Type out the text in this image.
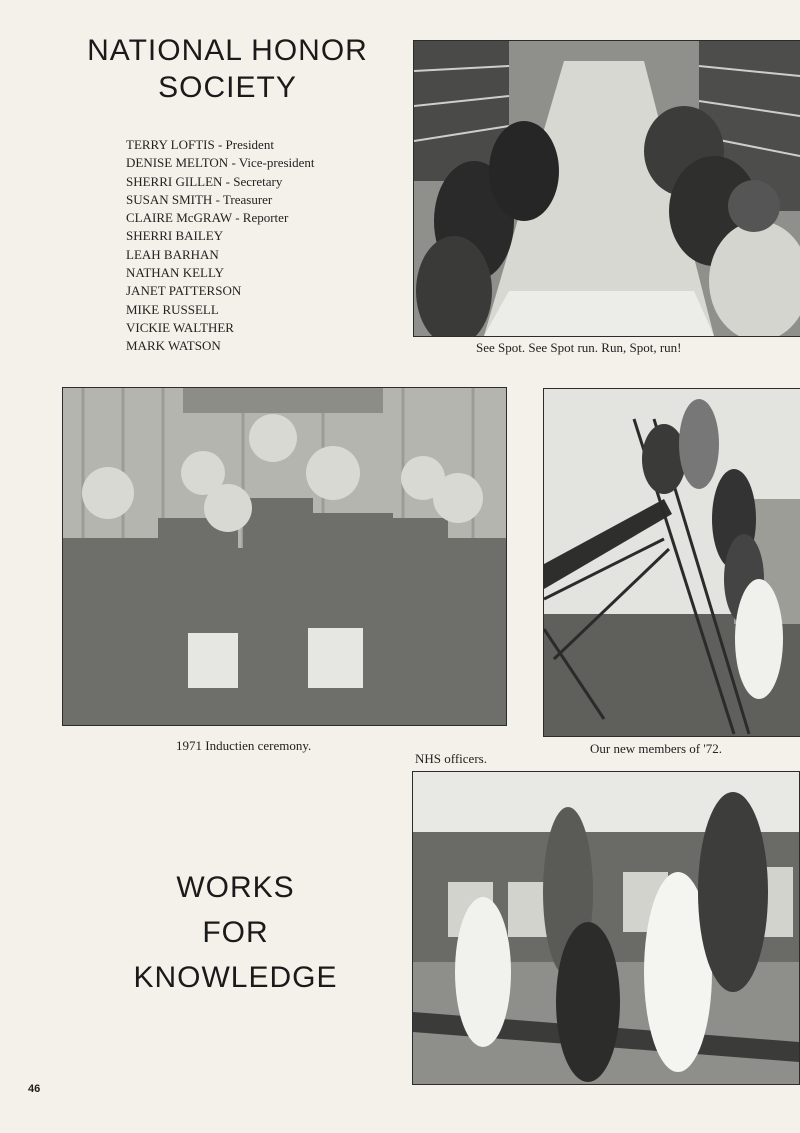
NATIONAL HONOR
SOCIETY
TERRY LOFTIS - President
DENISE MELTON - Vice-president
SHERRI GILLEN - Secretary
SUSAN SMITH - Treasurer
CLAIRE McGRAW - Reporter
SHERRI BAILEY
LEAH BARHAN
NATHAN KELLY
JANET PATTERSON
MIKE RUSSELL
VICKIE WALTHER
MARK WATSON	See Spot. See Spot run. Run, Spot, run!
1971 Inductien ceremony.	Our new members of '72.
NHS officers.
WORKS
FOR
KNOWLEDGE
46
